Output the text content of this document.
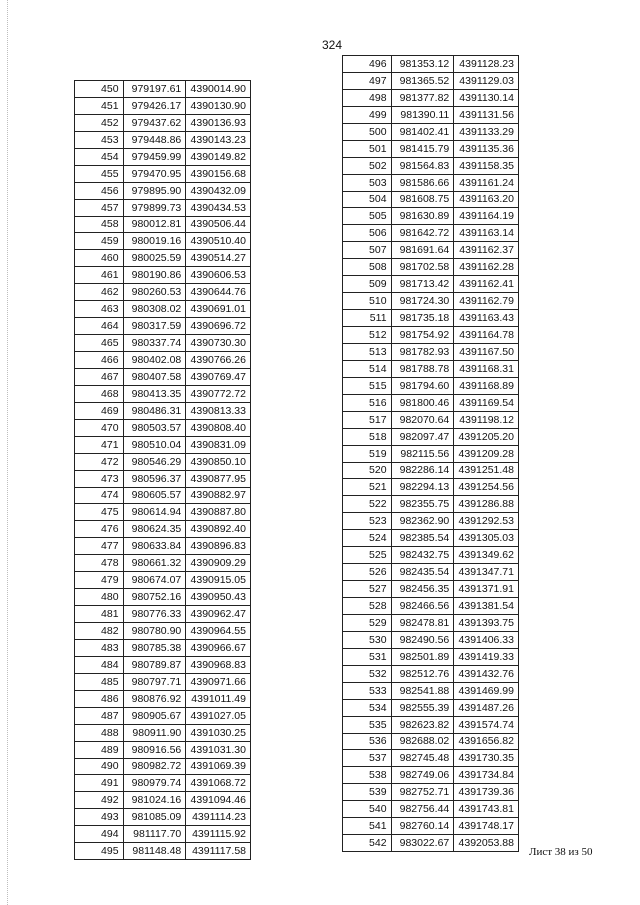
324
450	979197.61	4390014.90
451	979426.17	4390130.90
452	979437.62	4390136.93
453	979448.86	4390143.23
454	979459.99	4390149.82
455	979470.95	4390156.68
456	979895.90	4390432.09
457	979899.73	4390434.53
458	980012.81	4390506.44
459	980019.16	4390510.40
460	980025.59	4390514.27
461	980190.86	4390606.53
462	980260.53	4390644.76
463	980308.02	4390691.01
464	980317.59	4390696.72
465	980337.74	4390730.30
466	980402.08	4390766.26
467	980407.58	4390769.47
468	980413.35	4390772.72
469	980486.31	4390813.33
470	980503.57	4390808.40
471	980510.04	4390831.09
472	980546.29	4390850.10
473	980596.37	4390877.95
474	980605.57	4390882.97
475	980614.94	4390887.80
476	980624.35	4390892.40
477	980633.84	4390896.83
478	980661.32	4390909.29
479	980674.07	4390915.05
480	980752.16	4390950.43
481	980776.33	4390962.47
482	980780.90	4390964.55
483	980785.38	4390966.67
484	980789.87	4390968.83
485	980797.71	4390971.66
486	980876.92	4391011.49
487	980905.67	4391027.05
488	980911.90	4391030.25
489	980916.56	4391031.30
490	980982.72	4391069.39
491	980979.74	4391068.72
492	981024.16	4391094.46
493	981085.09	4391114.23
494	981117.70	4391115.92
495	981148.48	4391117.58
496	981353.12	4391128.23
497	981365.52	4391129.03
498	981377.82	4391130.14
499	981390.11	4391131.56
500	981402.41	4391133.29
501	981415.79	4391135.36
502	981564.83	4391158.35
503	981586.66	4391161.24
504	981608.75	4391163.20
505	981630.89	4391164.19
506	981642.72	4391163.14
507	981691.64	4391162.37
508	981702.58	4391162.28
509	981713.42	4391162.41
510	981724.30	4391162.79
511	981735.18	4391163.43
512	981754.92	4391164.78
513	981782.93	4391167.50
514	981788.78	4391168.31
515	981794.60	4391168.89
516	981800.46	4391169.54
517	982070.64	4391198.12
518	982097.47	4391205.20
519	982115.56	4391209.28
520	982286.14	4391251.48
521	982294.13	4391254.56
522	982355.75	4391286.88
523	982362.90	4391292.53
524	982385.54	4391305.03
525	982432.75	4391349.62
526	982435.54	4391347.71
527	982456.35	4391371.91
528	982466.56	4391381.54
529	982478.81	4391393.75
530	982490.56	4391406.33
531	982501.89	4391419.33
532	982512.76	4391432.76
533	982541.88	4391469.99
534	982555.39	4391487.26
535	982623.82	4391574.74
536	982688.02	4391656.82
537	982745.48	4391730.35
538	982749.06	4391734.84
539	982752.71	4391739.36
540	982756.44	4391743.81
541	982760.14	4391748.17
542	983022.67	4392053.88
Лист 38 из 50
